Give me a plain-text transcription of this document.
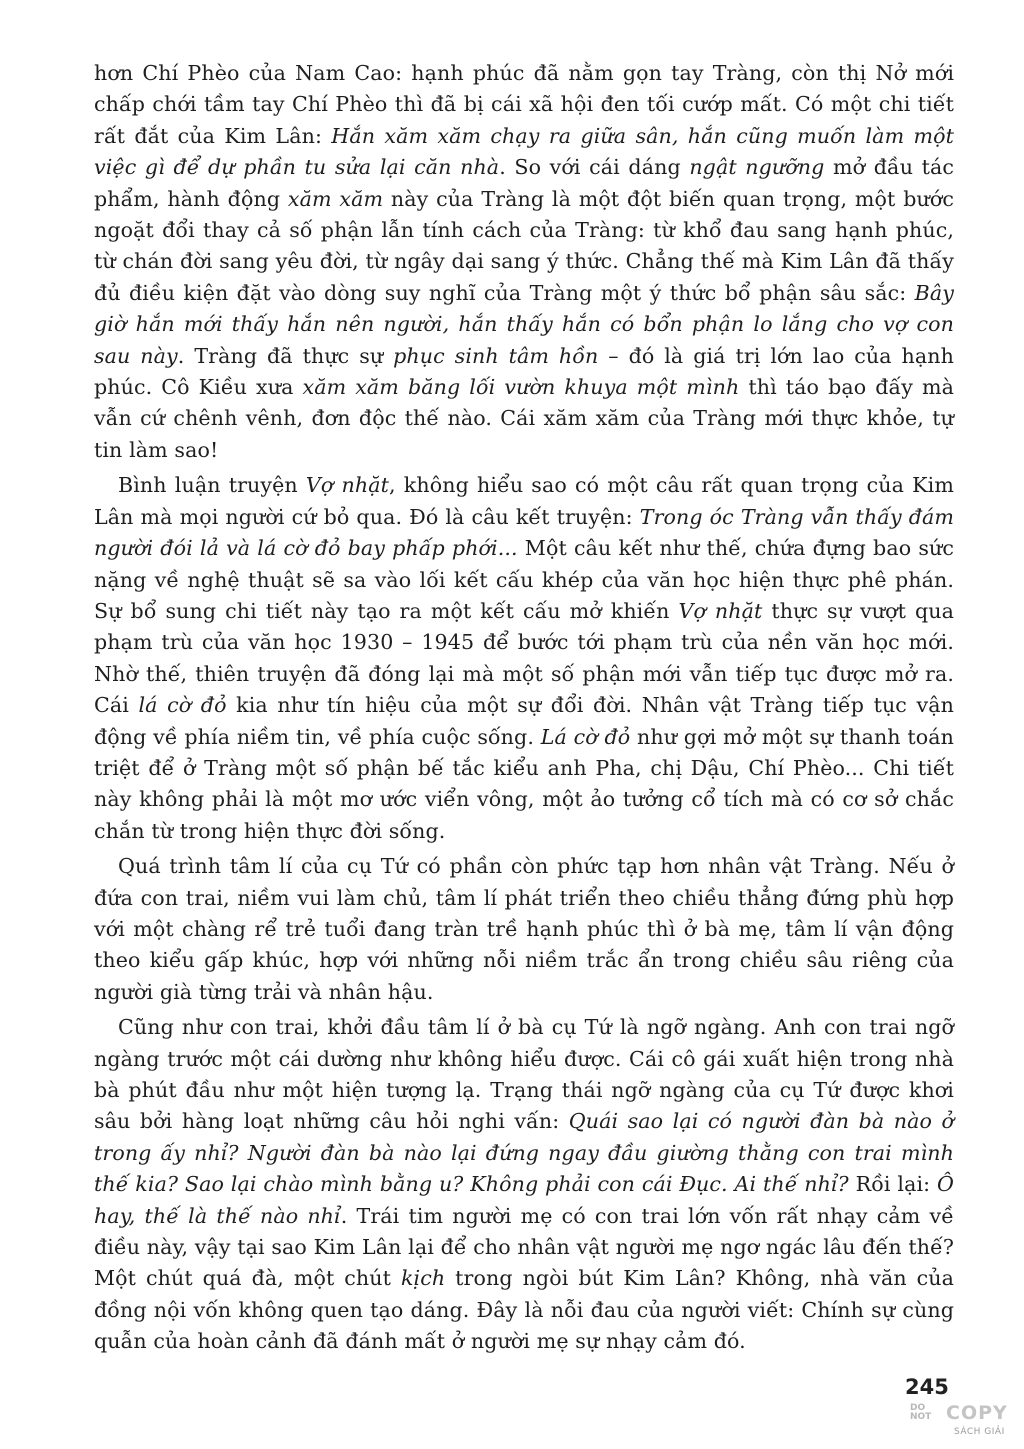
hơn Chí Phèo của Nam Cao: hạnh phúc đã nằm gọn tay Tràng, còn thị Nở mới chấp chới tầm tay Chí Phèo thì đã bị cái xã hội đen tối cướp mất. Có một chi tiết rất đắt của Kim Lân: Hắn xăm xăm chạy ra giữa sân, hắn cũng muốn làm một việc gì để dự phần tu sửa lại căn nhà. So với cái dáng ngật ngưỡng mở đầu tác phẩm, hành động xăm xăm này của Tràng là một đột biến quan trọng, một bước ngoặt đổi thay cả số phận lẫn tính cách của Tràng: từ khổ đau sang hạnh phúc, từ chán đời sang yêu đời, từ ngây dại sang ý thức. Chẳng thế mà Kim Lân đã thấy đủ điều kiện đặt vào dòng suy nghĩ của Tràng một ý thức bổ phận sâu sắc: Bây giờ hắn mới thấy hắn nên người, hắn thấy hắn có bổn phận lo lắng cho vợ con sau này. Tràng đã thực sự phục sinh tâm hồn – đó là giá trị lớn lao của hạnh phúc. Cô Kiều xưa xăm xăm băng lối vườn khuya một mình thì táo bạo đấy mà vẫn cứ chênh vênh, đơn độc thế nào. Cái xăm xăm của Tràng mới thực khỏe, tự tin làm sao!

Bình luận truyện Vợ nhặt, không hiểu sao có một câu rất quan trọng của Kim Lân mà mọi người cứ bỏ qua. Đó là câu kết truyện: Trong óc Tràng vẫn thấy đám người đói lả và lá cờ đỏ bay phấp phới... Một câu kết như thế, chứa đựng bao sức nặng về nghệ thuật sẽ sa vào lối kết cấu khép của văn học hiện thực phê phán. Sự bổ sung chi tiết này tạo ra một kết cấu mở khiến Vợ nhặt thực sự vượt qua phạm trù của văn học 1930 – 1945 để bước tới phạm trù của nền văn học mới. Nhờ thế, thiên truyện đã đóng lại mà một số phận mới vẫn tiếp tục được mở ra. Cái lá cờ đỏ kia như tín hiệu của một sự đổi đời. Nhân vật Tràng tiếp tục vận động về phía niềm tin, về phía cuộc sống. Lá cờ đỏ như gợi mở một sự thanh toán triệt để ở Tràng một số phận bế tắc kiểu anh Pha, chị Dậu, Chí Phèo... Chi tiết này không phải là một mơ ước viển vông, một ảo tưởng cổ tích mà có cơ sở chắc chắn từ trong hiện thực đời sống.

Quá trình tâm lí của cụ Tứ có phần còn phức tạp hơn nhân vật Tràng. Nếu ở đứa con trai, niềm vui làm chủ, tâm lí phát triển theo chiều thẳng đứng phù hợp với một chàng rể trẻ tuổi đang tràn trề hạnh phúc thì ở bà mẹ, tâm lí vận động theo kiểu gấp khúc, hợp với những nỗi niềm trắc ẩn trong chiều sâu riêng của người già từng trải và nhân hậu.

Cũng như con trai, khởi đầu tâm lí ở bà cụ Tứ là ngỡ ngàng. Anh con trai ngỡ ngàng trước một cái dường như không hiểu được. Cái cô gái xuất hiện trong nhà bà phút đầu như một hiện tượng lạ. Trạng thái ngỡ ngàng của cụ Tứ được khơi sâu bởi hàng loạt những câu hỏi nghi vấn: Quái sao lại có người đàn bà nào ở trong ấy nhỉ? Người đàn bà nào lại đứng ngay đầu giường thằng con trai mình thế kia? Sao lại chào mình bằng u? Không phải con cái Đục. Ai thế nhỉ? Rồi lại: Ô hay, thế là thế nào nhỉ. Trái tim người mẹ có con trai lớn vốn rất nhạy cảm về điều này, vậy tại sao Kim Lân lại để cho nhân vật người mẹ ngơ ngác lâu đến thế? Một chút quá đà, một chút kịch trong ngòi bút Kim Lân? Không, nhà văn của đồng nội vốn không quen tạo dáng. Đây là nỗi đau của người viết: Chính sự cùng quẫn của hoàn cảnh đã đánh mất ở người mẹ sự nhạy cảm đó.

245
DO
NOT COPY
SÁCH GIẢI
